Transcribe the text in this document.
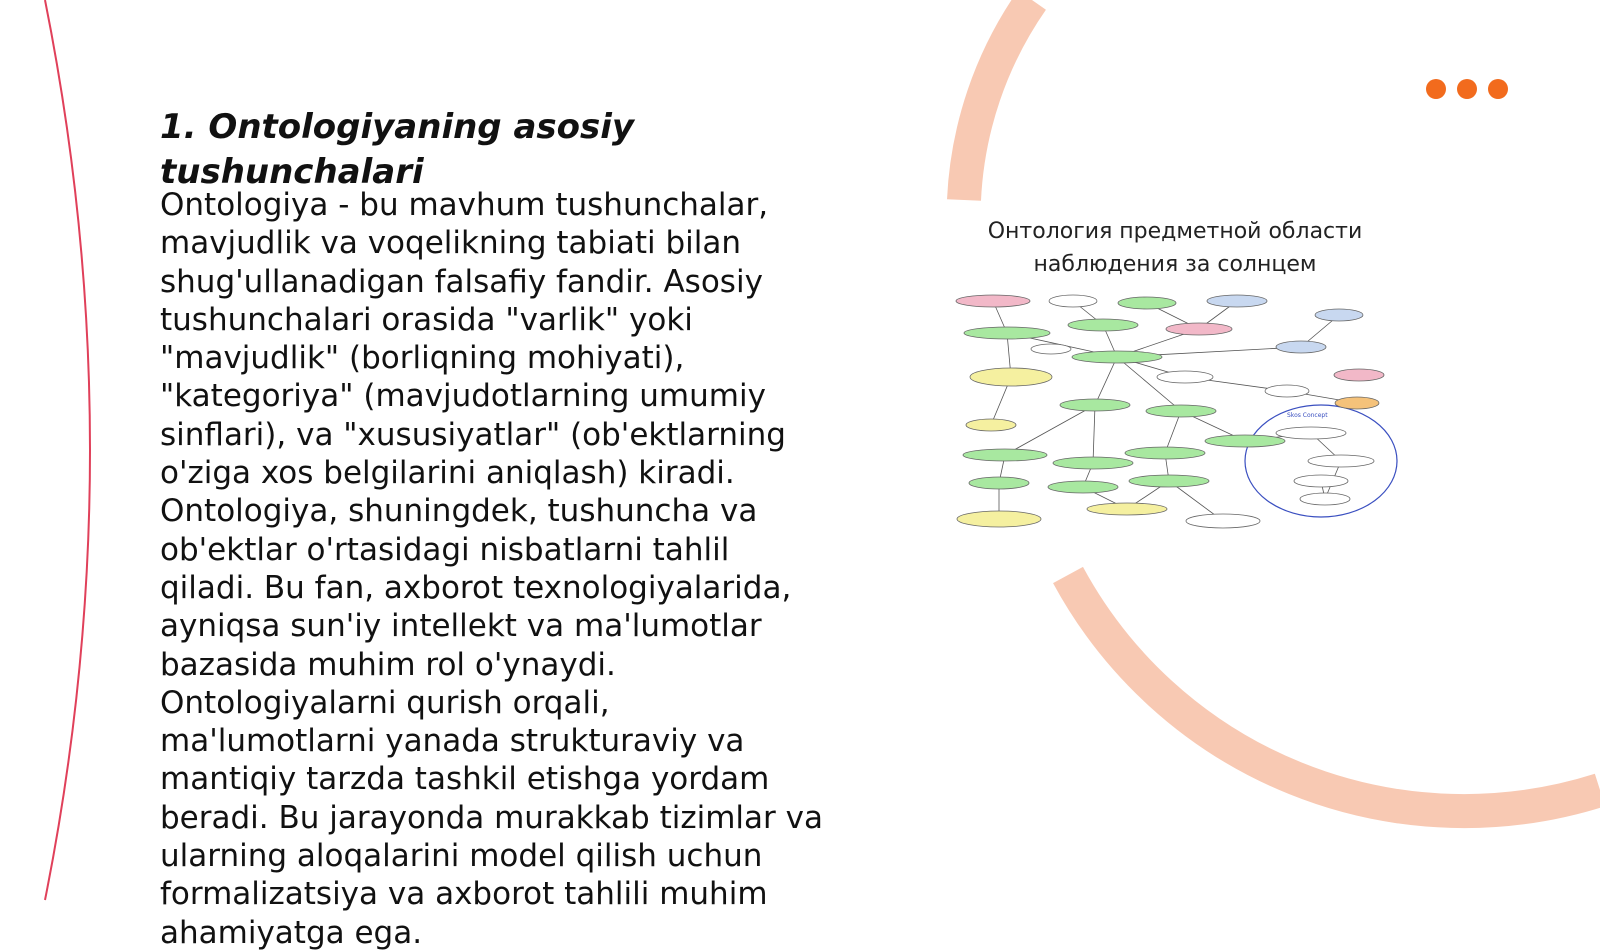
1. Ontologiyaning asosiy tushunchalari

Ontologiya - bu mavhum tushunchalar, mavjudlik va voqelikning tabiati bilan shug'ullanadigan falsafiy fandir. Asosiy tushunchalari orasida "varlik" yoki "mavjudlik" (borliqning mohiyati), "kategoriya" (mavjudotlarning umumiy sinflari), va "xususiyatlar" (ob'ektlarning o'ziga xos belgilarini aniqlash) kiradi. Ontologiya, shuningdek, tushuncha va ob'ektlar o'rtasidagi nisbatlarni tahlil qiladi. Bu fan, axborot texnologiyalarida, ayniqsa sun'iy intellekt va ma'lumotlar bazasida muhim rol o'ynaydi. Ontologiyalarni qurish orqali, ma'lumotlarni yanada strukturaviy va mantiqiy tarzda tashkil etishga yordam beradi. Bu jarayonda murakkab tizimlar va ularning aloqalarini model qilish uchun formalizatsiya va axborot tahlili muhim ahamiyatga ega.

Онтология предметной области наблюдения за солнцем

Skos Concept
